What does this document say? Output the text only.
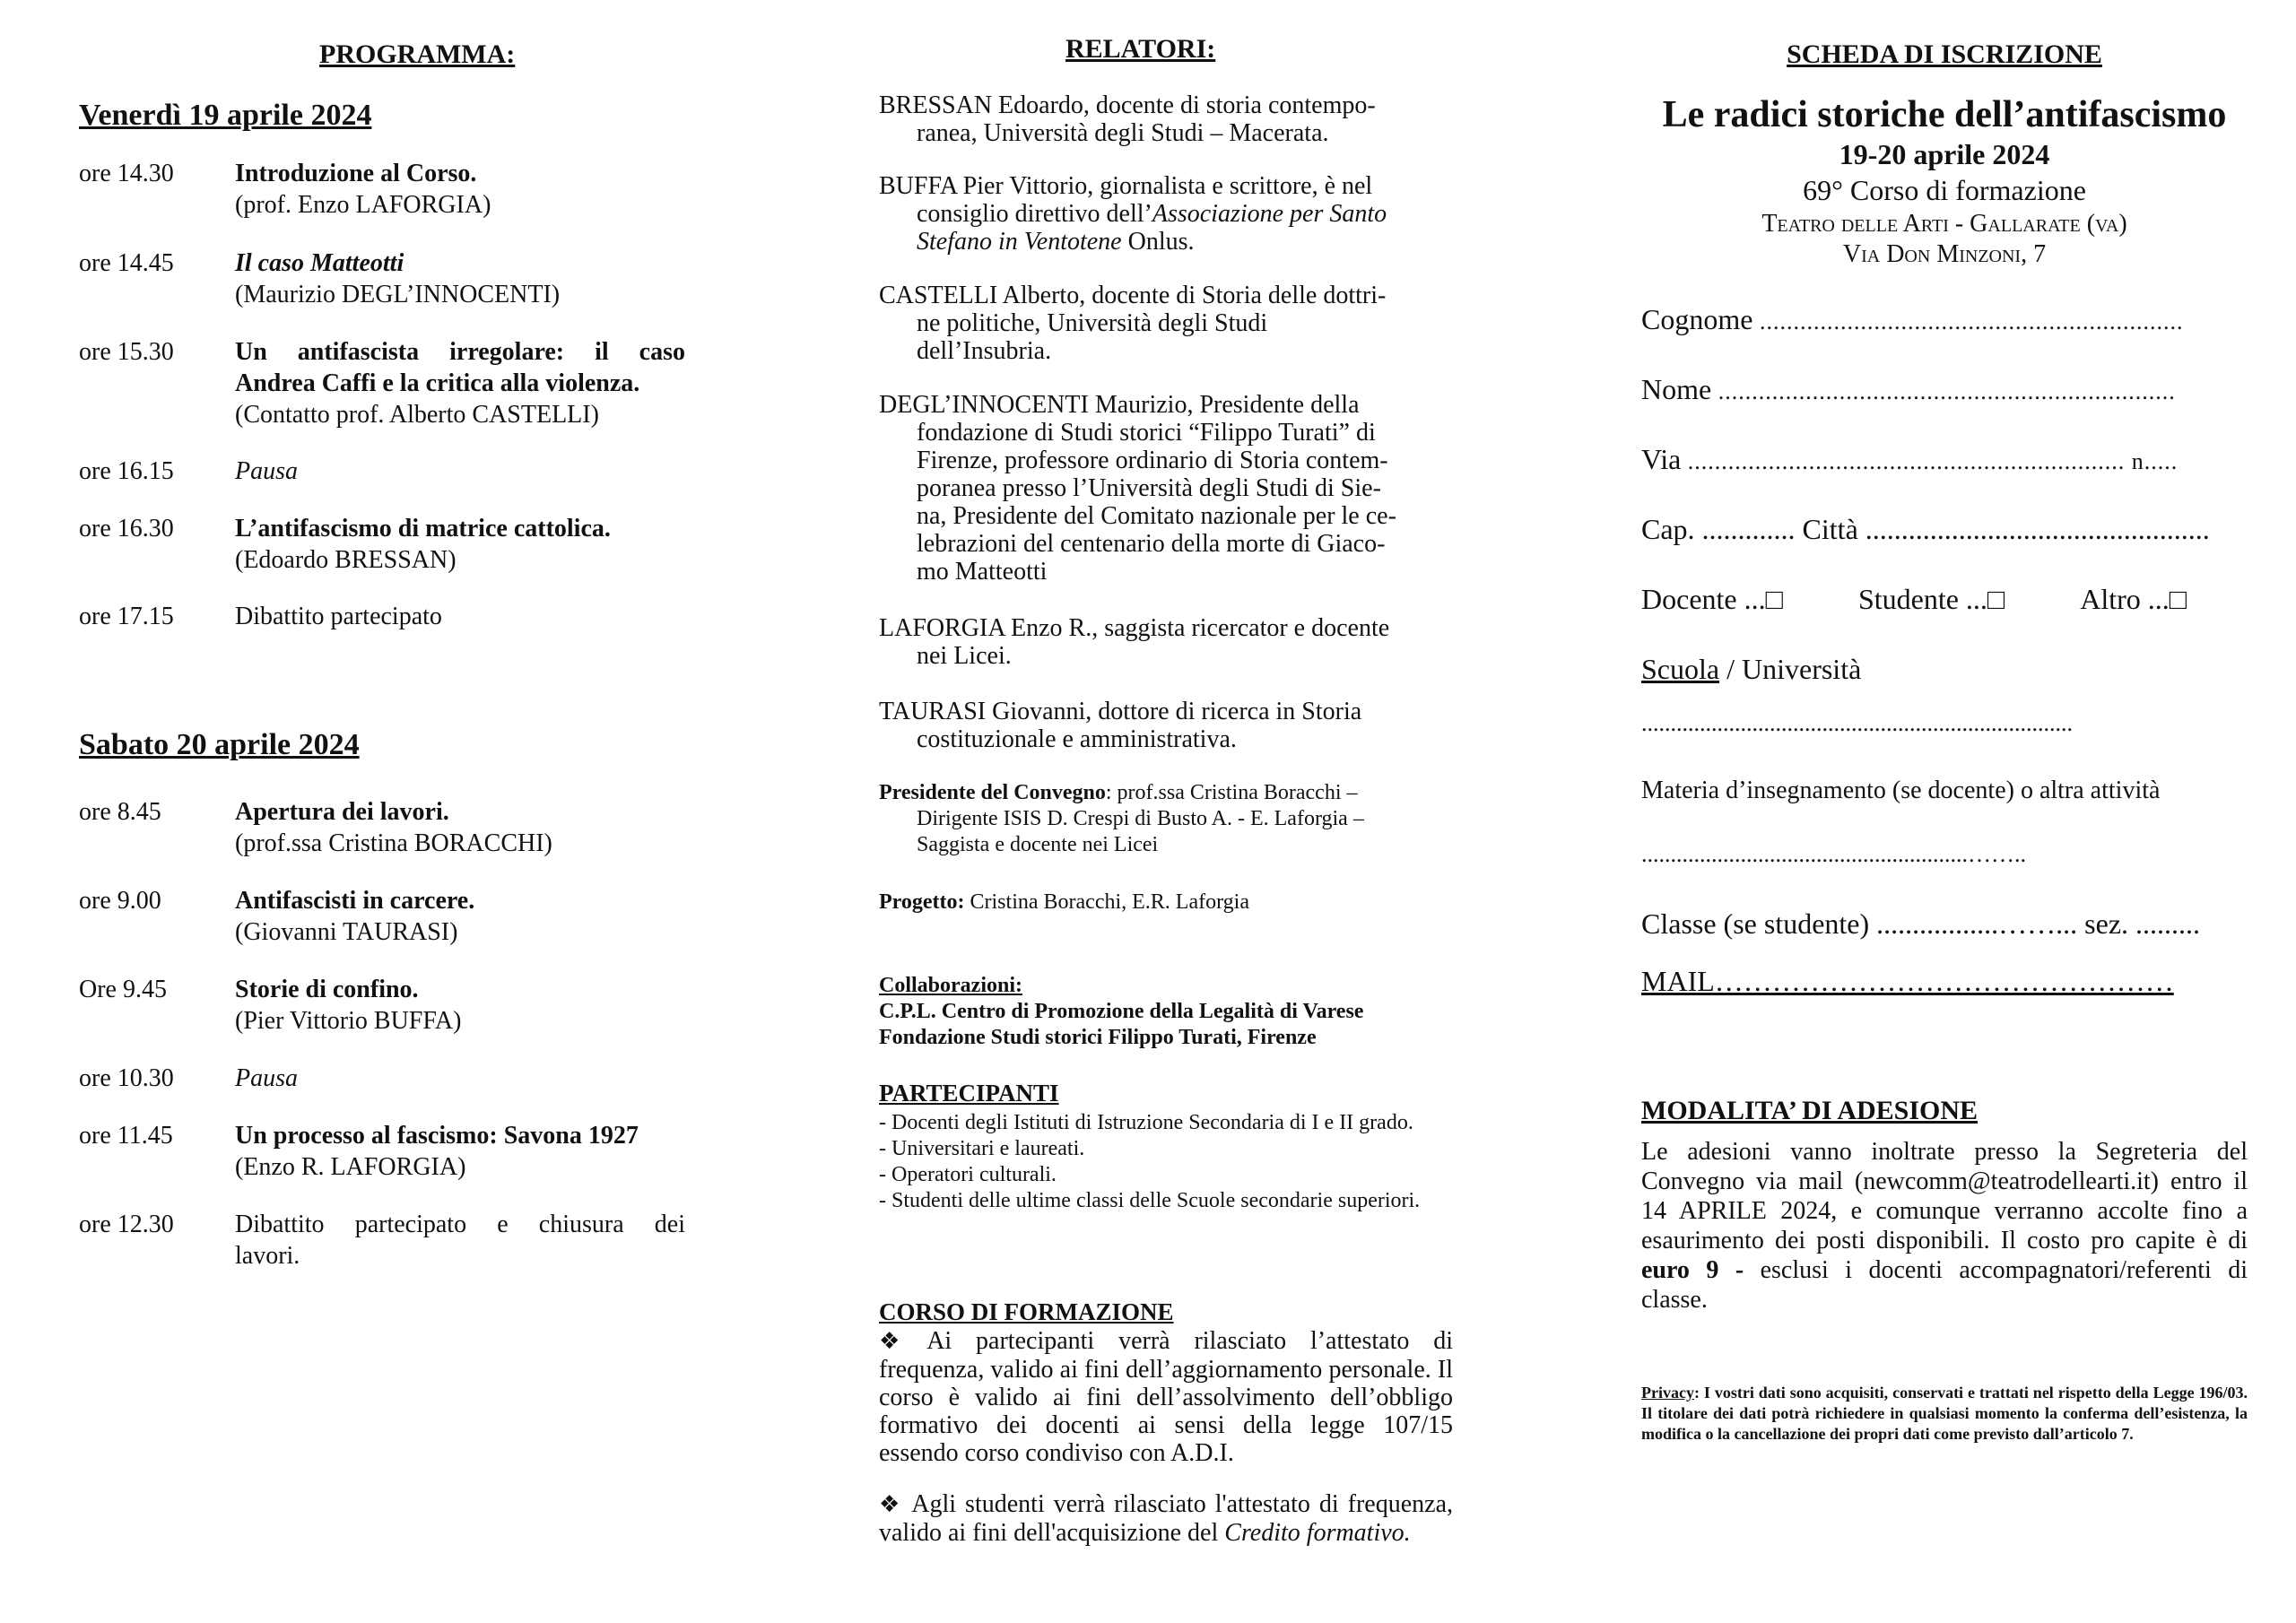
PROGRAMMA:
Venerdì 19 aprile 2024
ore 14.30	Introduzione al Corso.
(prof. Enzo LAFORGIA)
ore 14.45	Il caso Matteotti
(Maurizio DEGL’INNOCENTI)
ore 15.30	Un antifascista irregolare: il caso
Andrea Caffi e la critica alla violenza.
(Contatto prof. Alberto CASTELLI)
ore 16.15	Pausa
ore 16.30	L’antifascismo di matrice cattolica.
(Edoardo BRESSAN)
ore 17.15	Dibattito partecipato
Sabato 20 aprile 2024
ore 8.45	Apertura dei lavori.
(prof.ssa Cristina BORACCHI)
ore 9.00	Antifascisti in carcere.
(Giovanni TAURASI)
Ore 9.45	Storie di confino.
(Pier Vittorio BUFFA)
ore 10.30	Pausa
ore 11.45	Un processo al fascismo: Savona 1927
(Enzo R. LAFORGIA)
ore 12.30	Dibattito partecipato e chiusura dei
lavori.
RELATORI:
BRESSAN Edoardo, docente di storia contempo-
ranea, Università degli Studi – Macerata.
BUFFA Pier Vittorio, giornalista e scrittore, è nel
consiglio direttivo dell’Associazione per Santo
Stefano in Ventotene Onlus.
CASTELLI Alberto, docente di Storia delle dottri-
ne politiche, Università degli Studi
dell’Insubria.
DEGL’INNOCENTI Maurizio, Presidente della
fondazione di Studi storici “Filippo Turati” di
Firenze, professore ordinario di Storia contem-
poranea presso l’Università degli Studi di Sie-
na, Presidente del Comitato nazionale per le ce-
lebrazioni del centenario della morte di Giaco-
mo Matteotti
LAFORGIA Enzo R., saggista ricercator e docente
nei Licei.
TAURASI Giovanni, dottore di ricerca in Storia
costituzionale e amministrativa.
Presidente del Convegno: prof.ssa Cristina Boracchi –
Dirigente ISIS D. Crespi di Busto A. - E. Laforgia –
Saggista e docente nei Licei
Progetto: Cristina Boracchi, E.R. Laforgia
Collaborazioni:
C.P.L. Centro di Promozione della Legalità di Varese
Fondazione Studi storici Filippo Turati, Firenze
PARTECIPANTI
- Docenti degli Istituti di Istruzione Secondaria di I e II grado.
- Universitari e laureati.
- Operatori culturali.
- Studenti delle ultime classi delle Scuole secondarie superiori.
CORSO DI FORMAZIONE
❖ Ai partecipanti verrà rilasciato l’attestato di frequenza, valido ai fini dell’aggiornamento personale. Il corso è valido ai fini dell’assolvimento dell’obbligo formativo dei docenti ai sensi della legge 107/15 essendo corso condiviso con A.D.I.
❖ Agli studenti verrà rilasciato l'attestato di frequenza, valido ai fini dell'acquisizione del Credito formativo.
SCHEDA DI ISCRIZIONE
Le radici storiche dell’antifascismo
19-20 aprile 2024
69° Corso di formazione
Teatro delle Arti - Gallarate (va)
Via Don Minzoni, 7
Cognome ...............................................................
Nome ....................................................................
Via ................................................................. n.....
Cap. ............. Città ................................................
Docente ...□	Studente ...□	Altro ...□
Scuola / Università
..........................................................................
Materia d’insegnamento (se docente) o altra attività
........................................................……..
Classe (se studente) .................……... sez. .........
MAIL…………………………………………
MODALITA’ DI ADESIONE
Le adesioni vanno inoltrate presso la Segreteria del Convegno via mail (newcomm@teatrodellearti.it) entro il 14 APRILE 2024, e comunque verranno accolte fino a esaurimento dei posti disponibili. Il costo pro capite è di euro 9 - esclusi i docenti accompagnatori/referenti di classe.
Privacy: I vostri dati sono acquisiti, conservati e trattati nel rispetto della Legge 196/03. Il titolare dei dati potrà richiedere in qualsiasi momento la conferma dell’esistenza, la modifica o la cancellazione dei propri dati come previsto dall’articolo 7.
